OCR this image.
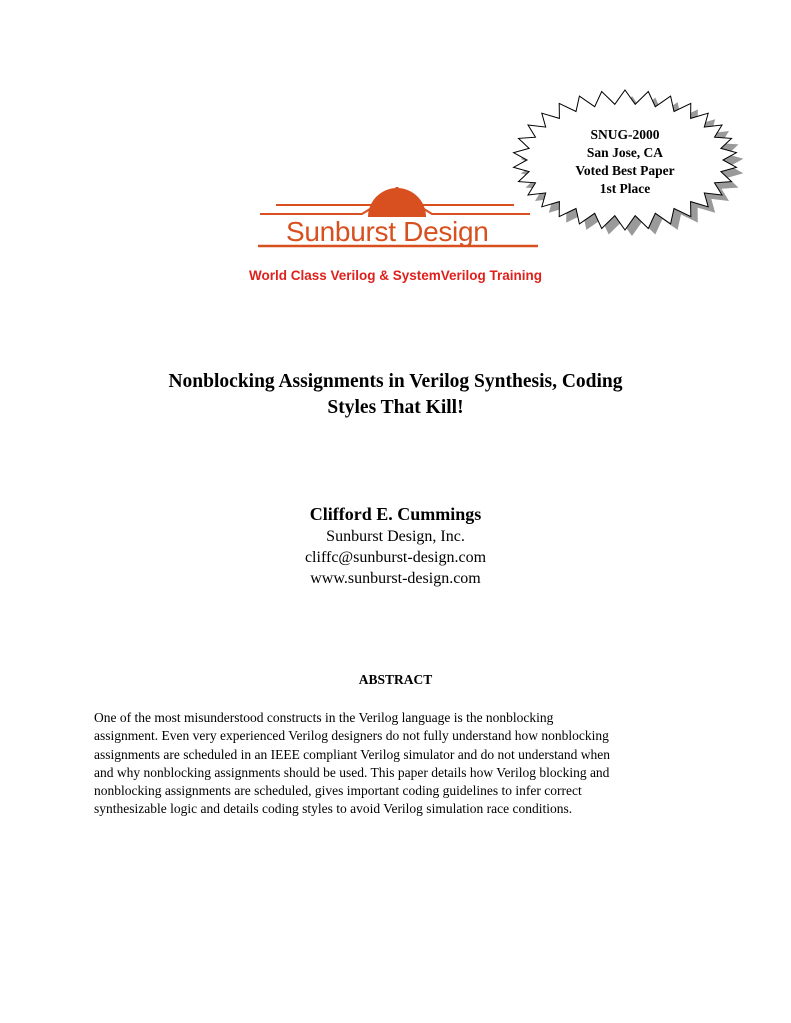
SNUG-2000
San Jose, CA
Voted Best Paper
1st Place
Sunburst Design
World Class Verilog & SystemVerilog Training
Nonblocking Assignments in Verilog Synthesis, Coding
Styles That Kill!
Clifford E. Cummings
Sunburst Design, Inc.
cliffc@sunburst-design.com
www.sunburst-design.com
ABSTRACT
One of the most misunderstood constructs in the Verilog language is the nonblocking
assignment. Even very experienced Verilog designers do not fully understand how nonblocking
assignments are scheduled in an IEEE compliant Verilog simulator and do not understand when
and why nonblocking assignments should be used. This paper details how Verilog blocking and
nonblocking assignments are scheduled, gives important coding guidelines to infer correct
synthesizable logic and details coding styles to avoid Verilog simulation race conditions.
